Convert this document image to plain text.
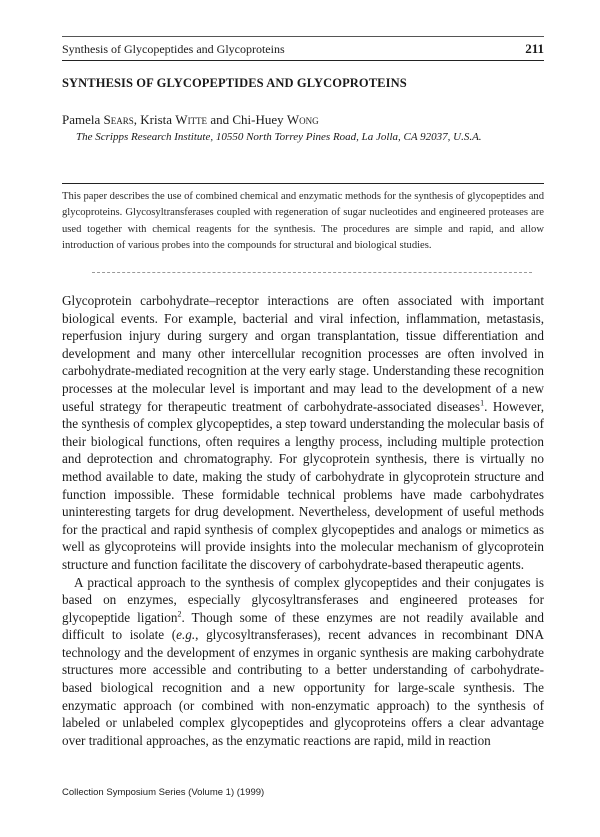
Synthesis of Glycopeptides and Glycoproteins	211
SYNTHESIS OF GLYCOPEPTIDES AND GLYCOPROTEINS
Pamela Sears, Krista Witte and Chi-Huey Wong
The Scripps Research Institute, 10550 North Torrey Pines Road, La Jolla, CA 92037, U.S.A.
This paper describes the use of combined chemical and enzymatic methods for the synthesis of glycopeptides and glycoproteins. Glycosyltransferases coupled with regeneration of sugar nucleotides and engineered proteases are used together with chemical reagents for the synthesis. The procedures are simple and rapid, and allow introduction of various probes into the compounds for structural and biological studies.

Glycoprotein carbohydrate–receptor interactions are often associated with important biological events. For example, bacterial and viral infection, inflammation, metastasis, reperfusion injury during surgery and organ transplantation, tissue differentiation and development and many other intercellular recognition processes are often involved in carbohydrate-mediated recognition at the very early stage. Understanding these recognition processes at the molecular level is important and may lead to the development of a new useful strategy for therapeutic treatment of carbohydrate-associated diseases$^1$. However, the synthesis of complex glycopeptides, a step toward understanding the molecular basis of their biological functions, often requires a lengthy process, including multiple protection and deprotection and chromatography. For glycoprotein synthesis, there is virtually no method available to date, making the study of carbohydrate in glycoprotein structure and function impossible. These formidable technical problems have made carbohydrates uninteresting targets for drug development. Nevertheless, development of useful methods for the practical and rapid synthesis of complex glycopeptides and analogs or mimetics as well as glycoproteins will provide insights into the molecular mechanism of glycoprotein structure and function facilitate the discovery of carbohydrate-based therapeutic agents.

A practical approach to the synthesis of complex glycopeptides and their conjugates is based on enzymes, especially glycosyltransferases and engineered proteases for glycopeptide ligation$^2$. Though some of these enzymes are not readily available and difficult to isolate (e.g., glycosyltransferases), recent advances in recombinant DNA technology and the development of enzymes in organic synthesis are making carbohydrate structures more accessible and contributing to a better understanding of carbohydrate-based biological recognition and a new opportunity for large-scale synthesis. The enzymatic approach (or combined with non-enzymatic approach) to the synthesis of labeled or unlabeled complex glycopeptides and glycoproteins offers a clear advantage over traditional approaches, as the enzymatic reactions are rapid, mild in reaction

Collection Symposium Series (Volume 1) (1999)
